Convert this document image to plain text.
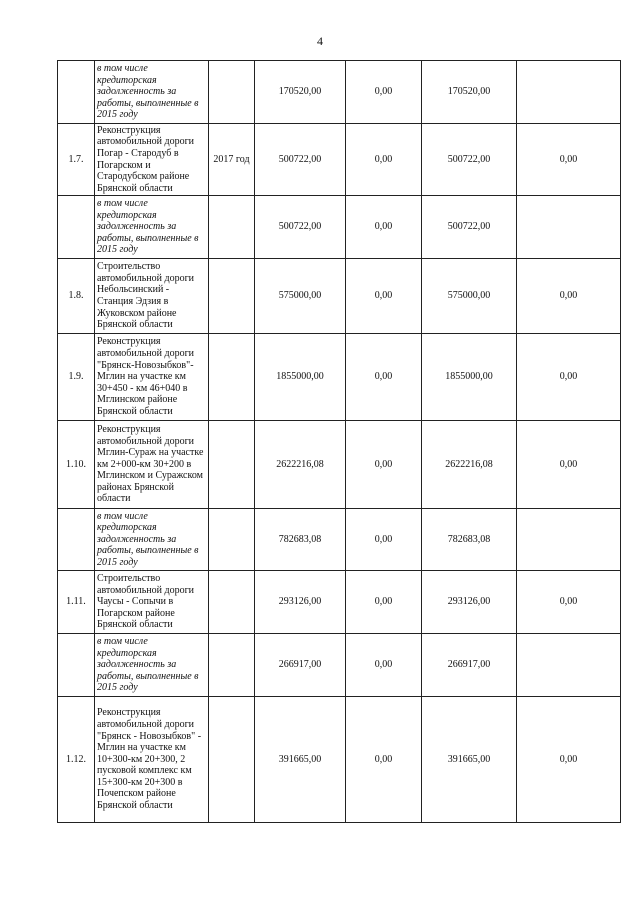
4
	в том числе кредиторская задолженность за работы, выполненные в 2015 году		170520,00	0,00	170520,00	
1.7.	Реконструкция автомобильной дороги Погар - Стародуб в Погарском и Стародубском районе Брянской области	2017 год	500722,00	0,00	500722,00	0,00
	в том числе кредиторская задолженность за работы, выполненные в 2015 году		500722,00	0,00	500722,00	
1.8.	Строительство автомобильной дороги Небольсинский - Станция Эдзия в Жуковском районе Брянской области		575000,00	0,00	575000,00	0,00
1.9.	Реконструкция автомобильной дороги "Брянск-Новозыбков"- Мглин на участке км 30+450 - км 46+040 в Мглинском районе Брянской области		1855000,00	0,00	1855000,00	0,00
1.10.	Реконструкция автомобильной дороги Мглин-Сураж на участке км 2+000-км 30+200 в Мглинском и Суражском районах Брянской области		2622216,08	0,00	2622216,08	0,00
	в том числе кредиторская задолженность за работы, выполненные в 2015 году		782683,08	0,00	782683,08	
1.11.	Строительство автомобильной дороги Чаусы - Сопычи в Погарском районе Брянской области		293126,00	0,00	293126,00	0,00
	в том числе кредиторская задолженность за работы, выполненные в 2015 году		266917,00	0,00	266917,00	
1.12.	Реконструкция автомобильной дороги "Брянск - Новозыбков" - Мглин на участке км 10+300-км 20+300, 2 пусковой комплекс км 15+300-км 20+300 в Почепском районе Брянской области		391665,00	0,00	391665,00	0,00
